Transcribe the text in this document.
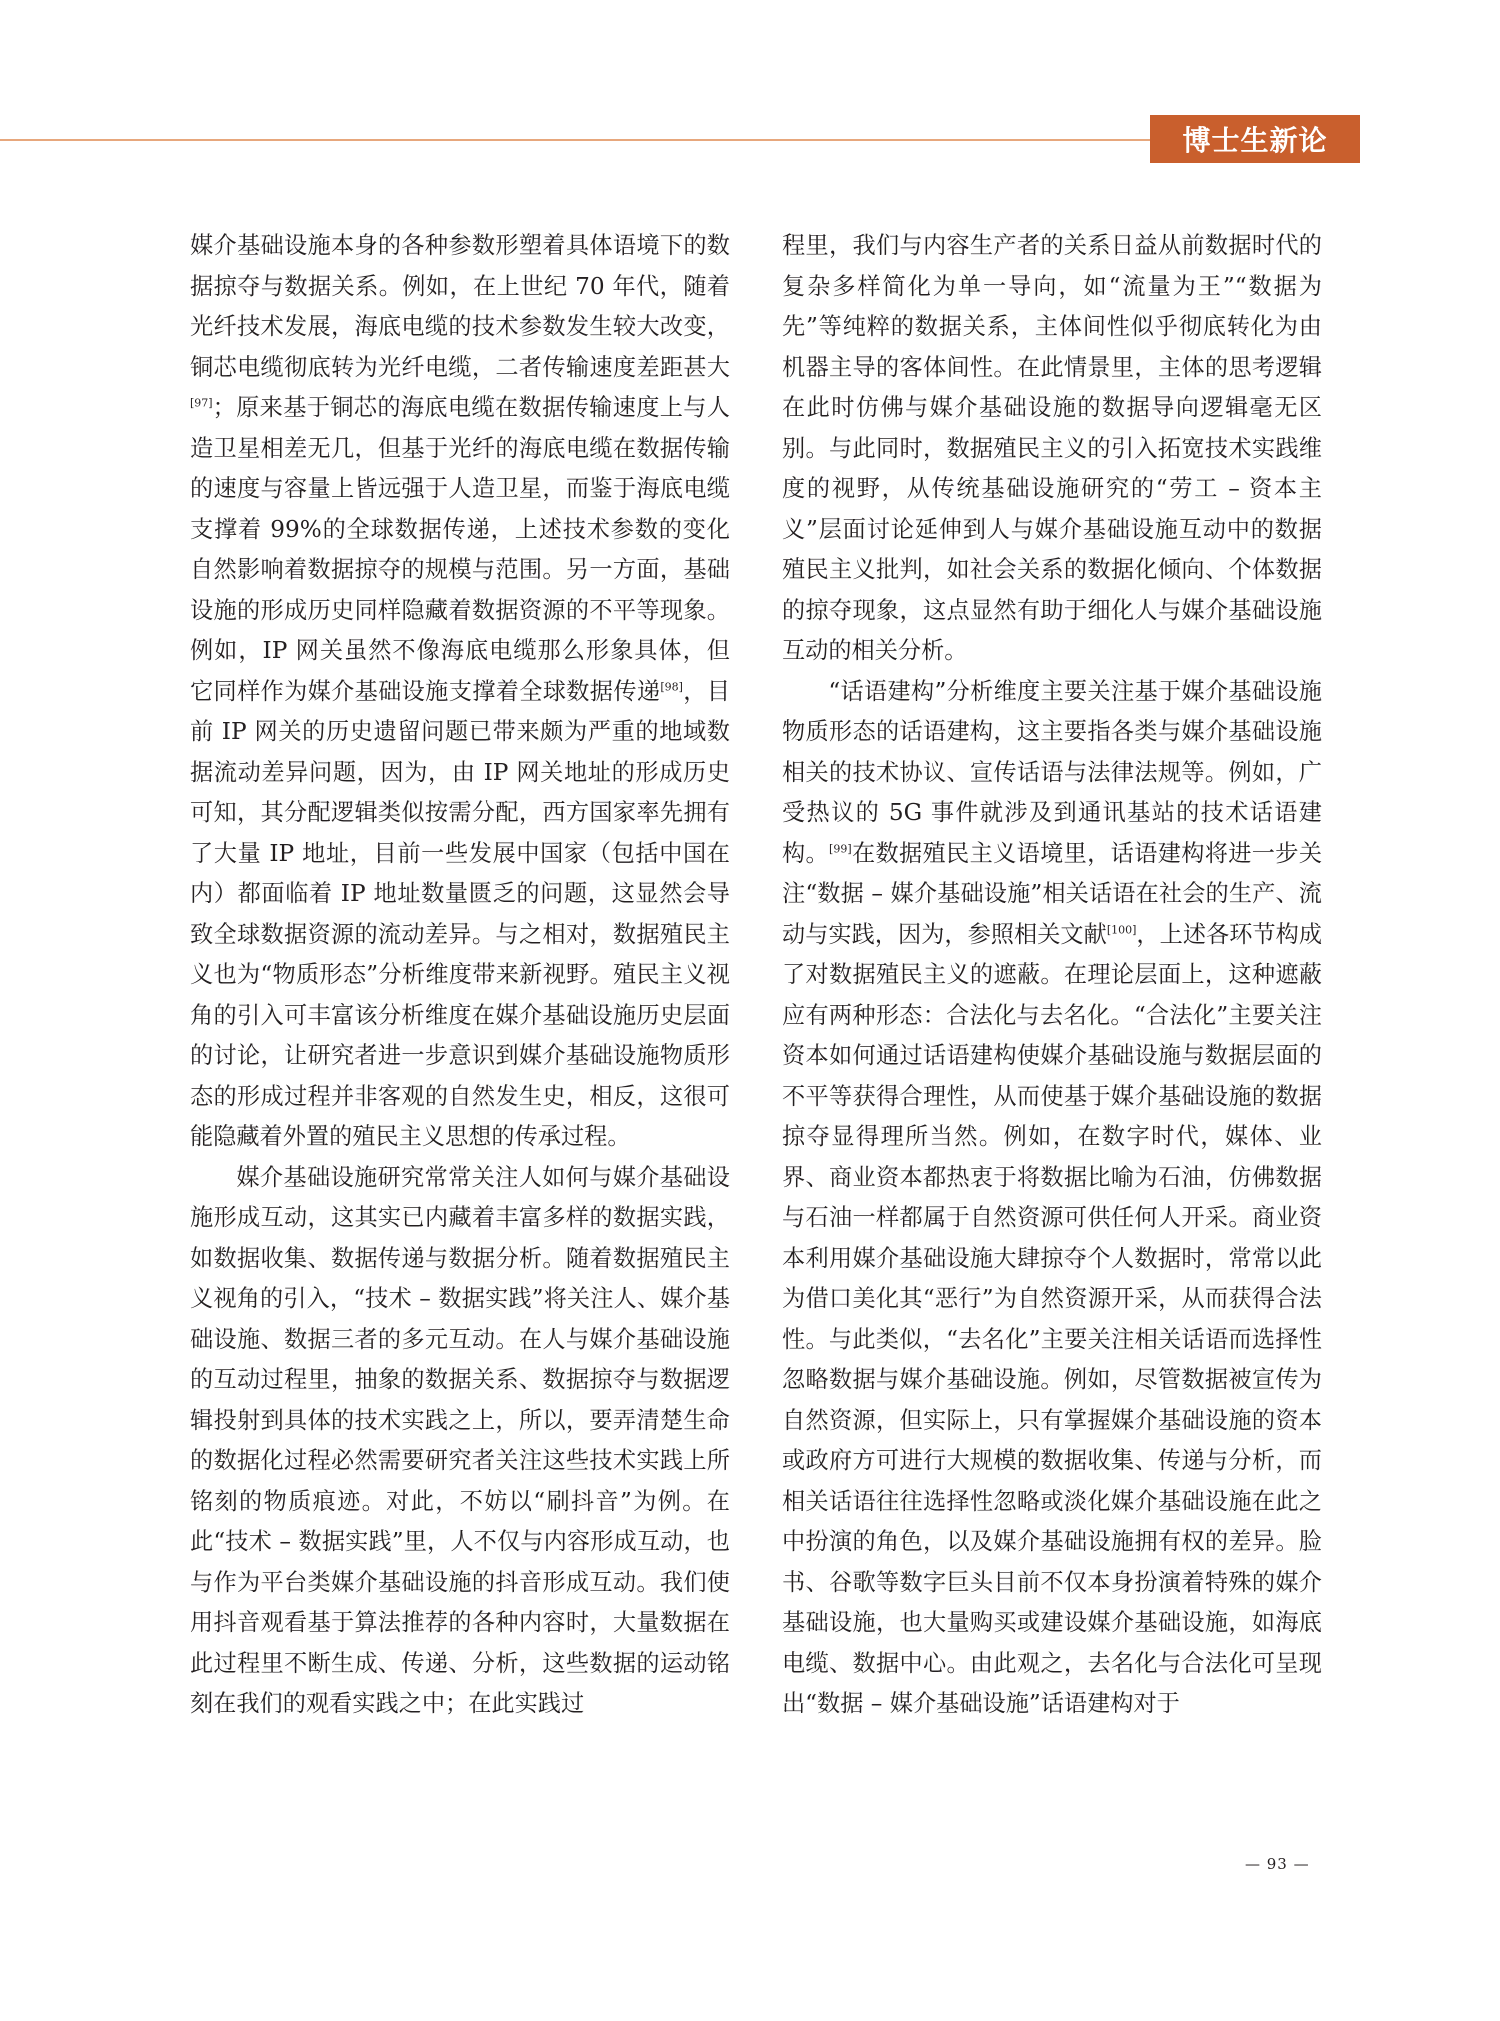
博士生新论

媒介基础设施本身的各种参数形塑着具体语境下的数据掠夺与数据关系。例如，在上世纪 70 年代，随着光纤技术发展，海底电缆的技术参数发生较大改变，铜芯电缆彻底转为光纤电缆，二者传输速度差距甚大[97]；原来基于铜芯的海底电缆在数据传输速度上与人造卫星相差无几，但基于光纤的海底电缆在数据传输的速度与容量上皆远强于人造卫星，而鉴于海底电缆支撑着 99%的全球数据传递，上述技术参数的变化自然影响着数据掠夺的规模与范围。另一方面，基础设施的形成历史同样隐藏着数据资源的不平等现象。例如，IP 网关虽然不像海底电缆那么形象具体，但它同样作为媒介基础设施支撑着全球数据传递[98]，目前 IP 网关的历史遗留问题已带来颇为严重的地域数据流动差异问题，因为，由 IP 网关地址的形成历史可知，其分配逻辑类似按需分配，西方国家率先拥有了大量 IP 地址，目前一些发展中国家（包括中国在内）都面临着 IP 地址数量匮乏的问题，这显然会导致全球数据资源的流动差异。与之相对，数据殖民主义也为“物质形态”分析维度带来新视野。殖民主义视角的引入可丰富该分析维度在媒介基础设施历史层面的讨论，让研究者进一步意识到媒介基础设施物质形态的形成过程并非客观的自然发生史，相反，这很可能隐藏着外置的殖民主义思想的传承过程。

媒介基础设施研究常常关注人如何与媒介基础设施形成互动，这其实已内藏着丰富多样的数据实践，如数据收集、数据传递与数据分析。随着数据殖民主义视角的引入，“技术 – 数据实践”将关注人、媒介基础设施、数据三者的多元互动。在人与媒介基础设施的互动过程里，抽象的数据关系、数据掠夺与数据逻辑投射到具体的技术实践之上，所以，要弄清楚生命的数据化过程必然需要研究者关注这些技术实践上所铭刻的物质痕迹。对此，不妨以“刷抖音”为例。在此“技术 – 数据实践”里，人不仅与内容形成互动，也与作为平台类媒介基础设施的抖音形成互动。我们使用抖音观看基于算法推荐的各种内容时，大量数据在此过程里不断生成、传递、分析，这些数据的运动铭刻在我们的观看实践之中；在此实践过

程里，我们与内容生产者的关系日益从前数据时代的复杂多样简化为单一导向，如“流量为王”“数据为先”等纯粹的数据关系，主体间性似乎彻底转化为由机器主导的客体间性。在此情景里，主体的思考逻辑在此时仿佛与媒介基础设施的数据导向逻辑毫无区别。与此同时，数据殖民主义的引入拓宽技术实践维度的视野，从传统基础设施研究的“劳工 – 资本主义”层面讨论延伸到人与媒介基础设施互动中的数据殖民主义批判，如社会关系的数据化倾向、个体数据的掠夺现象，这点显然有助于细化人与媒介基础设施互动的相关分析。

“话语建构”分析维度主要关注基于媒介基础设施物质形态的话语建构，这主要指各类与媒介基础设施相关的技术协议、宣传话语与法律法规等。例如，广受热议的 5G 事件就涉及到通讯基站的技术话语建构。[99]在数据殖民主义语境里，话语建构将进一步关注“数据 – 媒介基础设施”相关话语在社会的生产、流动与实践，因为，参照相关文献[100]，上述各环节构成了对数据殖民主义的遮蔽。在理论层面上，这种遮蔽应有两种形态：合法化与去名化。“合法化”主要关注资本如何通过话语建构使媒介基础设施与数据层面的不平等获得合理性，从而使基于媒介基础设施的数据掠夺显得理所当然。例如，在数字时代，媒体、业界、商业资本都热衷于将数据比喻为石油，仿佛数据与石油一样都属于自然资源可供任何人开采。商业资本利用媒介基础设施大肆掠夺个人数据时，常常以此为借口美化其“恶行”为自然资源开采，从而获得合法性。与此类似，“去名化”主要关注相关话语而选择性忽略数据与媒介基础设施。例如，尽管数据被宣传为自然资源，但实际上，只有掌握媒介基础设施的资本或政府方可进行大规模的数据收集、传递与分析，而相关话语往往选择性忽略或淡化媒介基础设施在此之中扮演的角色，以及媒介基础设施拥有权的差异。脸书、谷歌等数字巨头目前不仅本身扮演着特殊的媒介基础设施，也大量购买或建设媒介基础设施，如海底电缆、数据中心。由此观之，去名化与合法化可呈现出“数据 – 媒介基础设施”话语建构对于

— 93 —
